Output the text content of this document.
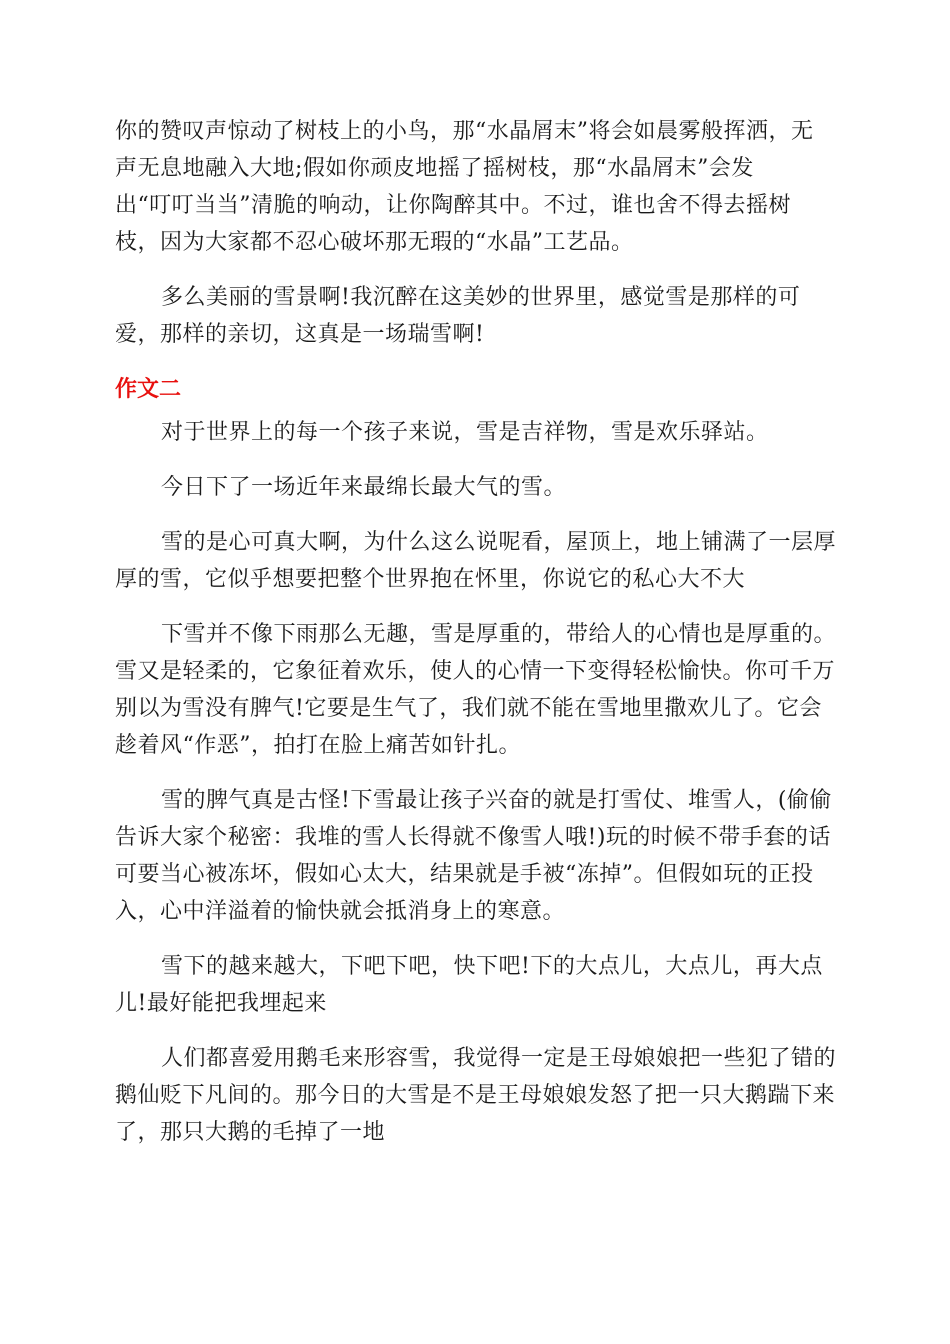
你的赞叹声惊动了树枝上的小鸟，那“水晶屑末”将会如晨雾般挥洒，无
声无息地融入大地;假如你顽皮地摇了摇树枝，那“水晶屑末”会发
出“叮叮当当”清脆的响动，让你陶醉其中。不过，谁也舍不得去摇树
枝，因为大家都不忍心破坏那无瑕的“水晶”工艺品。
多么美丽的雪景啊!我沉醉在这美妙的世界里，感觉雪是那样的可
爱，那样的亲切，这真是一场瑞雪啊!
作文二
对于世界上的每一个孩子来说，雪是吉祥物，雪是欢乐驿站。
今日下了一场近年来最绵长最大气的雪。
雪的是心可真大啊，为什么这么说呢看，屋顶上，地上铺满了一层厚
厚的雪，它似乎想要把整个世界抱在怀里，你说它的私心大不大
下雪并不像下雨那么无趣，雪是厚重的，带给人的心情也是厚重的。
雪又是轻柔的，它象征着欢乐，使人的心情一下变得轻松愉快。你可千万
别以为雪没有脾气!它要是生气了，我们就不能在雪地里撒欢儿了。它会
趁着风“作恶”，拍打在脸上痛苦如针扎。
雪的脾气真是古怪!下雪最让孩子兴奋的就是打雪仗、堆雪人，(偷偷
告诉大家个秘密：我堆的雪人长得就不像雪人哦!)玩的时候不带手套的话
可要当心被冻坏，假如心太大，结果就是手被“冻掉”。但假如玩的正投
入，心中洋溢着的愉快就会抵消身上的寒意。
雪下的越来越大，下吧下吧，快下吧!下的大点儿，大点儿，再大点
儿!最好能把我埋起来
人们都喜爱用鹅毛来形容雪，我觉得一定是王母娘娘把一些犯了错的
鹅仙贬下凡间的。那今日的大雪是不是王母娘娘发怒了把一只大鹅踹下来
了，那只大鹅的毛掉了一地
